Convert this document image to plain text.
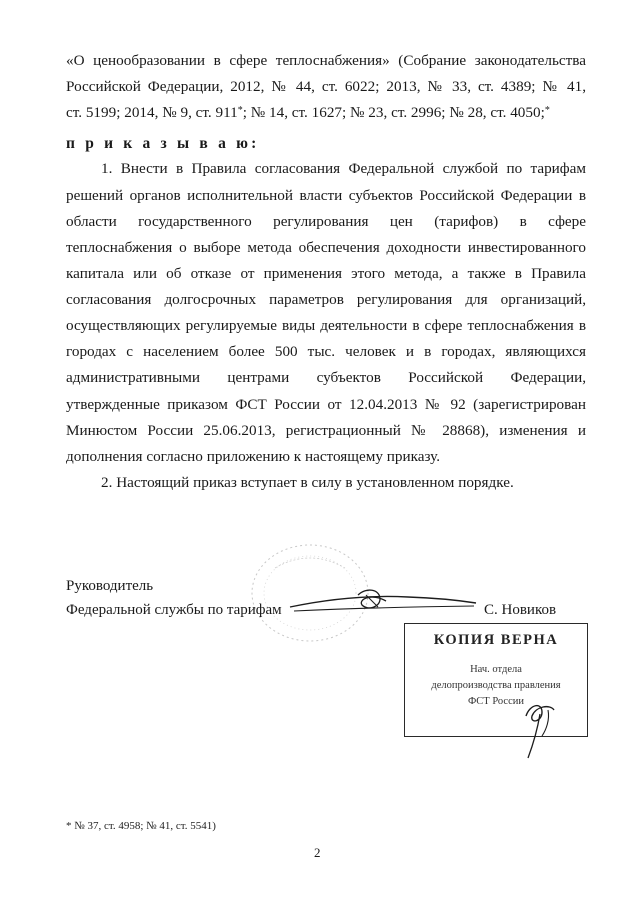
«О ценообразовании в сфере теплоснабжения» (Собрание законодательства
Российской Федерации, 2012, № 44, ст. 6022; 2013, № 33, ст. 4389; № 41,
ст. 5199; 2014, № 9, ст. 911*; № 14, ст. 1627; № 23, ст. 2996; № 28, ст. 4050;*
п р и к а з ы в а ю:
1. Внести в Правила согласования Федеральной службой по тарифам
решений органов исполнительной власти субъектов Российской Федерации в
области государственного регулирования цен (тарифов) в сфере
теплоснабжения о выборе метода обеспечения доходности инвестированного
капитала или об отказе от применения этого метода, а также в Правила
согласования долгосрочных параметров регулирования для организаций,
осуществляющих регулируемые виды деятельности в сфере теплоснабжения в
городах с населением более 500 тыс. человек и в городах, являющихся
административными центрами субъектов Российской Федерации,
утвержденные приказом ФСТ России от 12.04.2013 № 92 (зарегистрирован
Минюстом России 25.06.2013, регистрационный № 28868), изменения и
дополнения согласно приложению к настоящему приказу.
2. Настоящий приказ вступает в силу в установленном порядке.
Руководитель
Федеральной службы по тарифам	С. Новиков
КОПИЯ ВЕРНА
Нач. отдела
делопроизводства правления
ФСТ России
* № 37, ст. 4958; № 41, ст. 5541)
2
